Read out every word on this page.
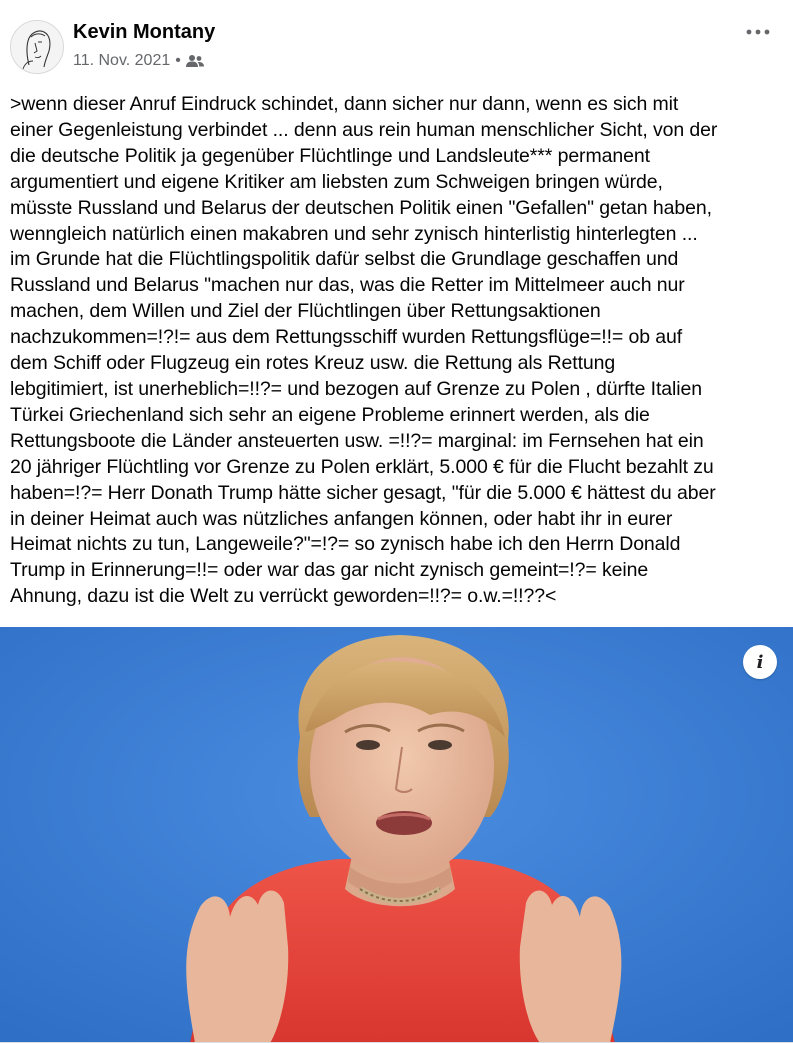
Kevin Montany
11. Nov. 2021 •
>wenn dieser Anruf Eindruck schindet, dann sicher nur dann, wenn es sich mit
einer Gegenleistung verbindet ... denn aus rein human menschlicher Sicht, von der
die deutsche Politik ja gegenüber Flüchtlinge und Landsleute*** permanent
argumentiert und eigene Kritiker am liebsten zum Schweigen bringen würde,
müsste Russland und Belarus der deutschen Politik einen "Gefallen" getan haben,
wenngleich natürlich einen makabren und sehr zynisch hinterlistig hinterlegten ...
im Grunde hat die Flüchtlingspolitik dafür selbst die Grundlage geschaffen und
Russland und Belarus "machen nur das, was die Retter im Mittelmeer auch nur
machen, dem Willen und Ziel der Flüchtlingen über Rettungsaktionen
nachzukommen=!?!= aus dem Rettungsschiff wurden Rettungsflüge=!!= ob auf
dem Schiff oder Flugzeug ein rotes Kreuz usw. die Rettung als Rettung
lebgitimiert, ist unerheblich=!!?= und bezogen auf Grenze zu Polen , dürfte Italien
Türkei Griechenland sich sehr an eigene Probleme erinnert werden, als die
Rettungsboote die Länder ansteuerten usw. =!!?= marginal: im Fernsehen hat ein
20 jähriger Flüchtling vor Grenze zu Polen erklärt, 5.000 € für die Flucht bezahlt zu
haben=!?= Herr Donath Trump hätte sicher gesagt, "für die 5.000 € hättest du aber
in deiner Heimat auch was nützliches anfangen können, oder habt ihr in eurer
Heimat nichts zu tun, Langeweile?"=!?= so zynisch habe ich den Herrn Donald
Trump in Erinnerung=!!= oder war das gar nicht zynisch gemeint=!?= keine
Ahnung, dazu ist die Welt zu verrückt geworden=!!?= o.w.=!!??<
i
